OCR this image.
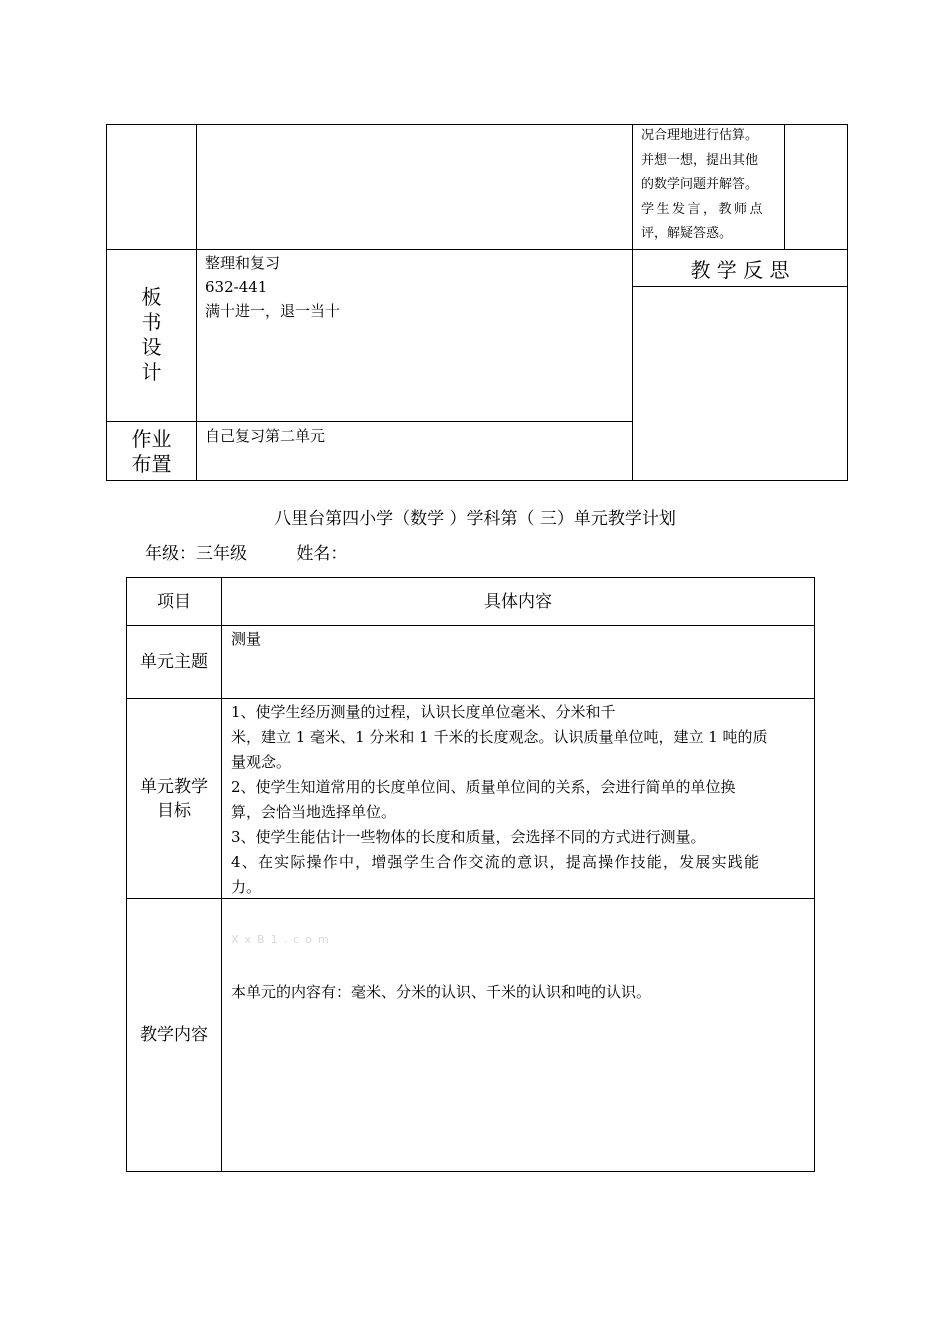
况合理地进行估算。
并想一想，提出其他
的数学问题并解答。
学生发言，教师点
评，解疑答惑。
板
书
设
计
整理和复习
632-441
满十进一，退一当十
教 学 反 思
作业
布置
自己复习第二单元
八里台第四小学（数学 ）学科第（ 三）单元教学计划
年级：三年级	姓名：
项目	具体内容
单元主题
测量
单元教学
目标
1、使学生经历测量的过程，认识长度单位毫米、分米和千
米，建立 1 毫米、1 分米和 1 千米的长度观念。认识质量单位吨，建立 1 吨的质
量观念。
2、使学生知道常用的长度单位间、质量单位间的关系，会进行简单的单位换
算，会恰当地选择单位。
3、使学生能估计一些物体的长度和质量，会选择不同的方式进行测量。
4、在实际操作中，增强学生合作交流的意识，提高操作技能，发展实践能
力。
教学内容
XxB1.com
本单元的内容有：毫米、分米的认识、千米的认识和吨的认识。
